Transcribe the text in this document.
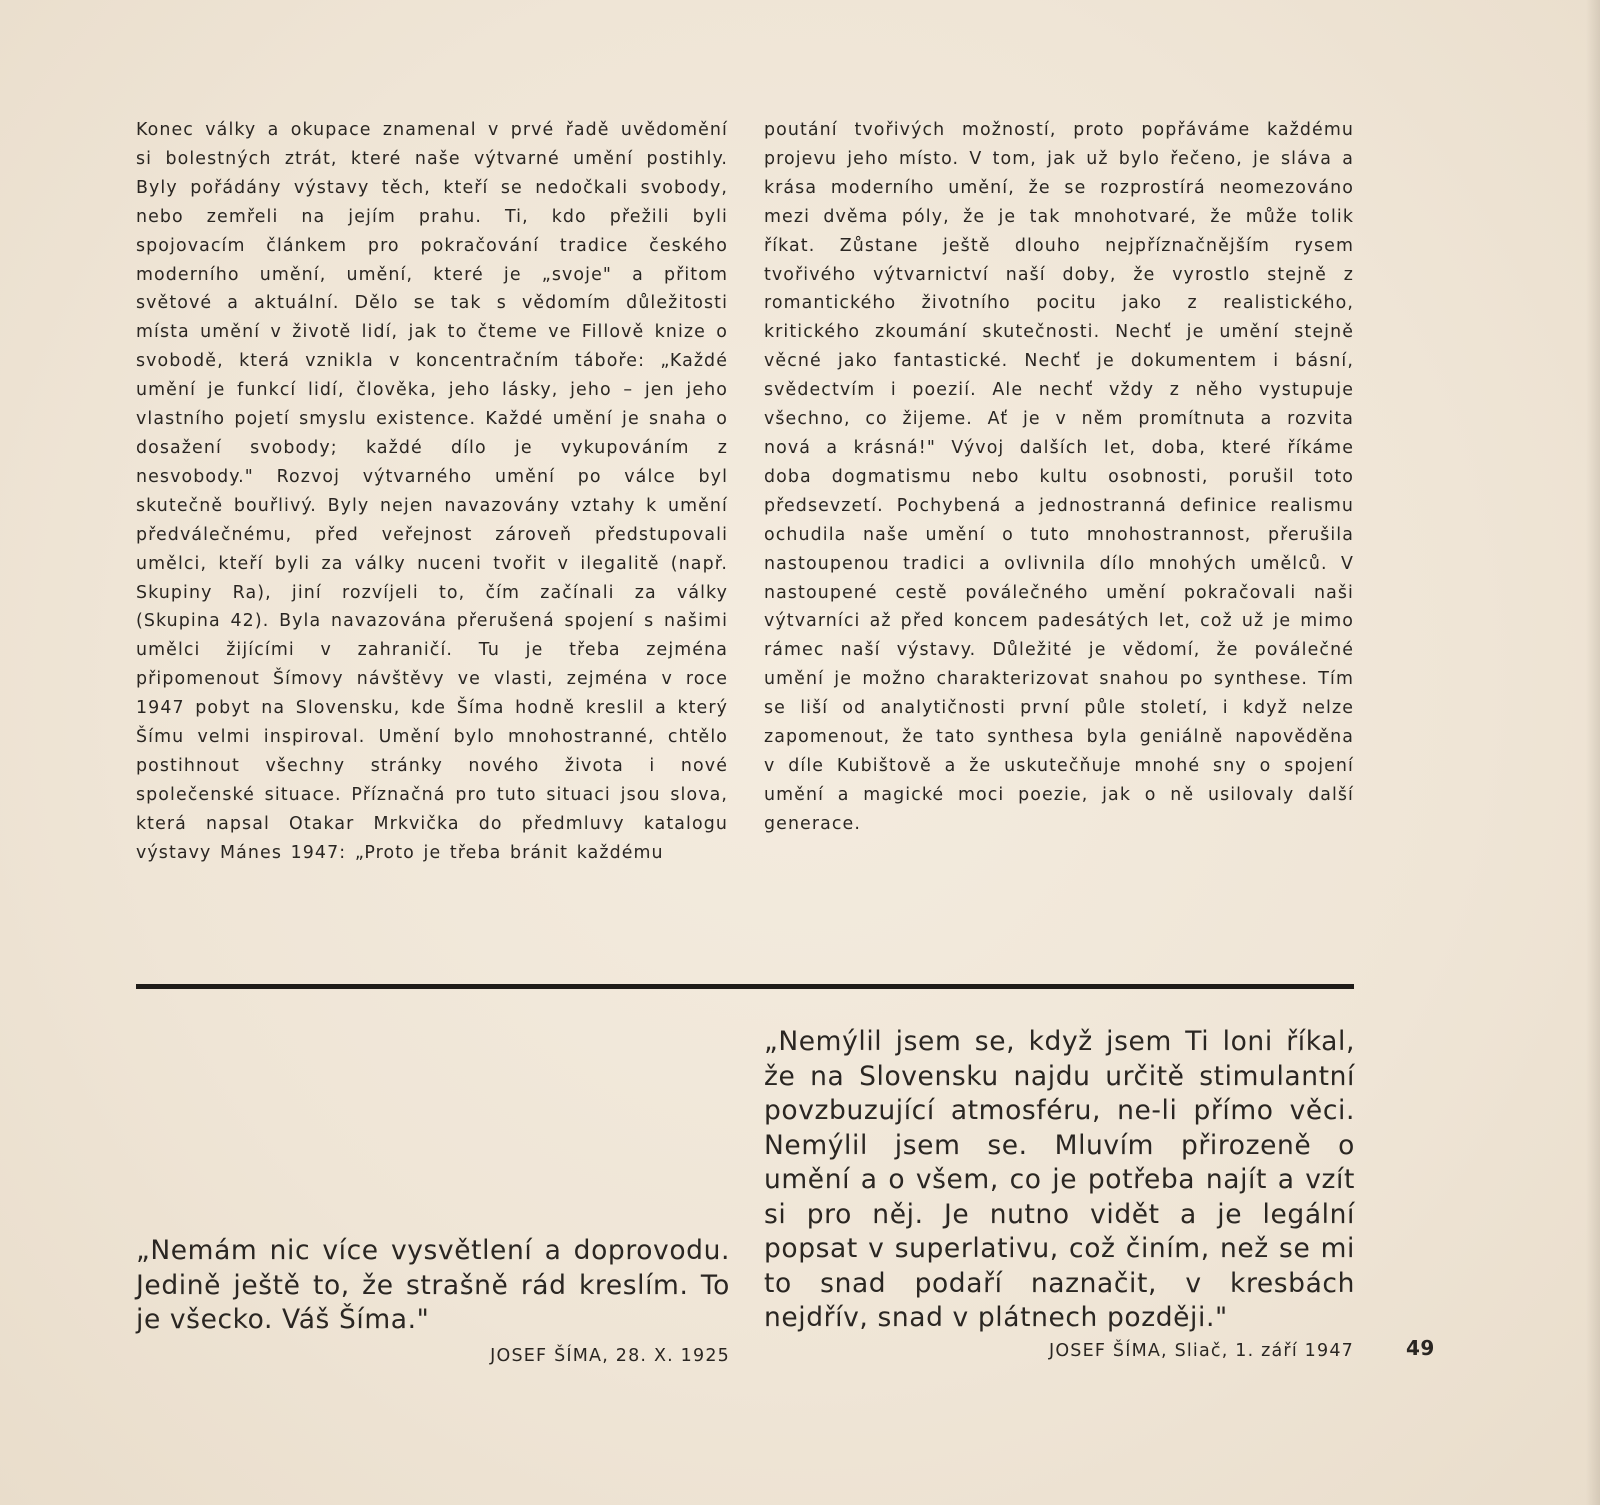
Konec války a okupace znamenal v prvé řadě uvědomění si bolestných ztrát, které naše výtvarné umění postihly. Byly pořádány výstavy těch, kteří se nedočkali svobody, nebo zemřeli na jejím prahu. Ti, kdo přežili byli spojovacím článkem pro pokračování tradice českého moderního umění, umění, které je „svoje" a přitom světové a aktuální. Dělo se tak s vědomím důležitosti místa umění v životě lidí, jak to čteme ve Fillově knize o svobodě, která vznikla v koncentračním táboře: „Každé umění je funkcí lidí, člověka, jeho lásky, jeho – jen jeho vlastního pojetí smyslu existence. Každé umění je snaha o dosažení svobody; každé dílo je vykupováním z nesvobody." Rozvoj výtvarného umění po válce byl skutečně bouřlivý. Byly nejen navazovány vztahy k umění předválečnému, před veřejnost zároveň předstupovali umělci, kteří byli za války nuceni tvořit v ilegalitě (např. Skupiny Ra), jiní rozvíjeli to, čím začínali za války (Skupina 42). Byla navazována přerušená spojení s našimi umělci žijícími v zahraničí. Tu je třeba zejména připomenout Šímovy návštěvy ve vlasti, zejména v roce 1947 pobyt na Slovensku, kde Šíma hodně kreslil a který Šímu velmi inspiroval. Umění bylo mnohostranné, chtělo postihnout všechny stránky nového života i nové společenské situace. Příznačná pro tuto situaci jsou slova, která napsal Otakar Mrkvička do předmluvy katalogu výstavy Mánes 1947: „Proto je třeba bránit každému

poutání tvořivých možností, proto popřáváme každému projevu jeho místo. V tom, jak už bylo řečeno, je sláva a krása moderního umění, že se rozprostírá neomezováno mezi dvěma póly, že je tak mnohotvaré, že může tolik říkat. Zůstane ještě dlouho nejpříznačnějším rysem tvořivého výtvarnictví naší doby, že vyrostlo stejně z romantického životního pocitu jako z realistického, kritického zkoumání skutečnosti. Nechť je umění stejně věcné jako fantastické. Nechť je dokumentem i básní, svědectvím i poezií. Ale nechť vždy z něho vystupuje všechno, co žijeme. Ať je v něm promítnuta a rozvita nová a krásná!" Vývoj dalších let, doba, které říkáme doba dogmatismu nebo kultu osobnosti, porušil toto předsevzetí. Pochybená a jednostranná definice realismu ochudila naše umění o tuto mnohostrannost, přerušila nastoupenou tradici a ovlivnila dílo mnohých umělců. V nastoupené cestě poválečného umění pokračovali naši výtvarníci až před koncem padesátých let, což už je mimo rámec naší výstavy. Důležité je vědomí, že poválečné umění je možno charakterizovat snahou po synthese. Tím se liší od analytičnosti první půle století, i když nelze zapomenout, že tato synthesa byla geniálně napověděna v díle Kubištově a že uskutečňuje mnohé sny o spojení umění a magické moci poezie, jak o ně usilovaly další generace.

„Nemám nic více vysvětlení a doprovodu. Jedině ještě to, že strašně rád kreslím. To je všecko. Váš Šíma."

JOSEF ŠÍMA, 28. X. 1925

„Nemýlil jsem se, když jsem Ti loni říkal, že na Slovensku najdu určitě stimulantní povzbuzující atmosféru, ne-li přímo věci. Nemýlil jsem se. Mluvím přirozeně o umění a o všem, co je potřeba najít a vzít si pro něj. Je nutno vidět a je legální popsat v superlativu, což činím, než se mi to snad podaří naznačit, v kresbách nejdřív, snad v plátnech později."

JOSEF ŠÍMA, Sliač, 1. září 1947	49
